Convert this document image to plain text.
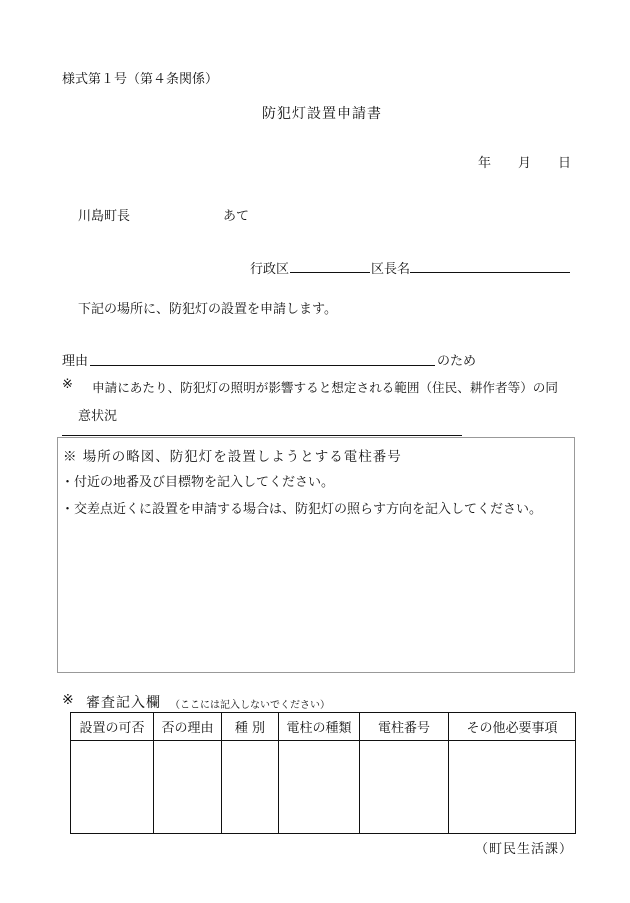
様式第１号（第４条関係）
防犯灯設置申請書
年 月 日
川島町長	あて
行政区	区長名
下記の場所に、防犯灯の設置を申請します。
理由	のため
※ 申請にあたり、防犯灯の照明が影響すると想定される範囲（住民、耕作者等）の同
意状況
※ 場所の略図、防犯灯を設置しようとする電柱番号
・付近の地番及び目標物を記入してください。
・交差点近くに設置を申請する場合は、防犯灯の照らす方向を記入してください。
※ 審査記入欄 （ここには記入しないでください）
設置の可否	否の理由	種 別	電柱の種類	電柱番号	その他必要事項

（町民生活課）
